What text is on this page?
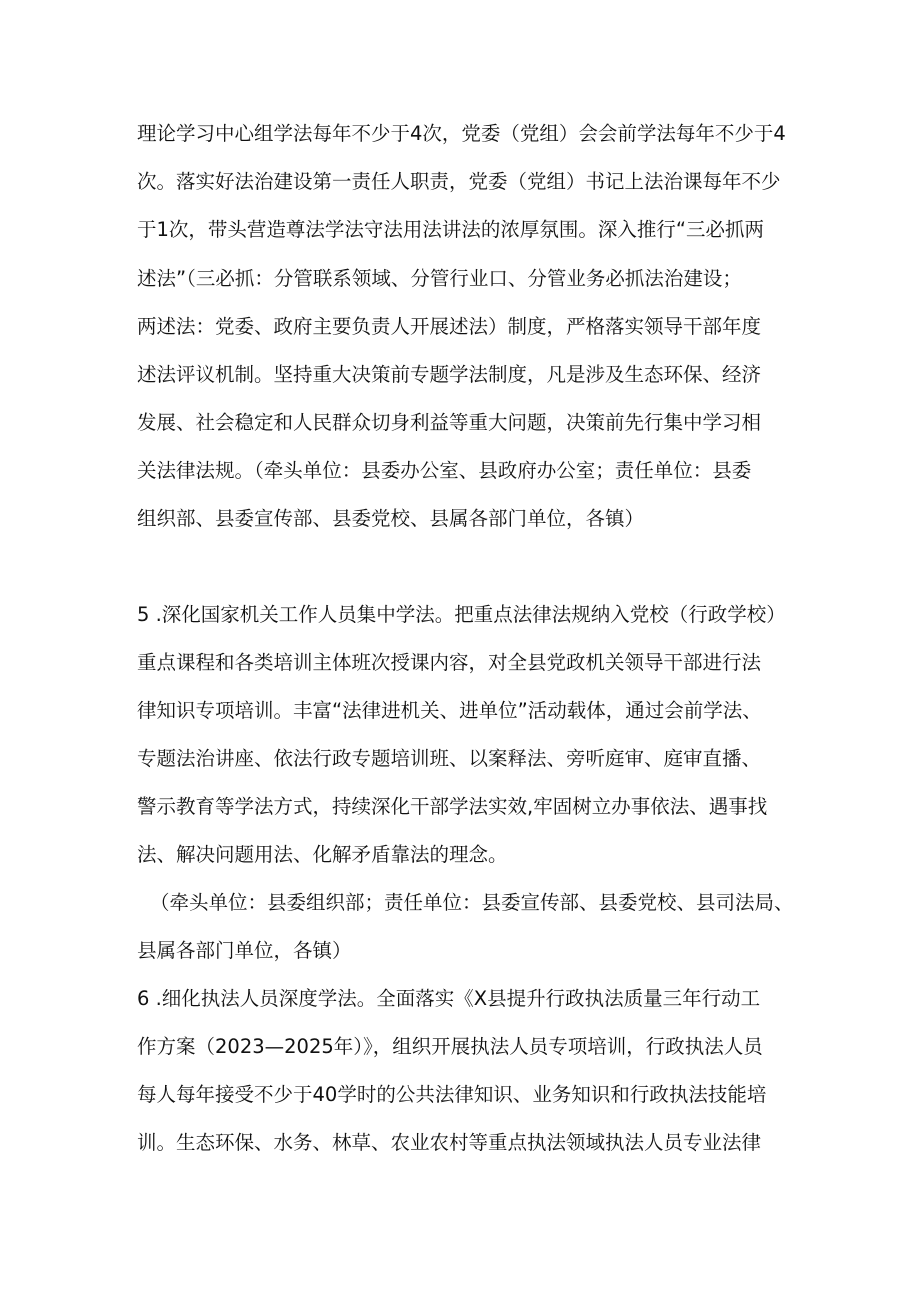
理论学习中心组学法每年不少于4次，党委（党组）会会前学法每年不少于4
次。落实好法治建设第一责任人职责，党委（党组）书记上法治课每年不少
于1次，带头营造尊法学法守法用法讲法的浓厚氛围。深入推行“三必抓两
述法”（三必抓：分管联系领域、分管行业口、分管业务必抓法治建设；
两述法：党委、政府主要负责人开展述法）制度，严格落实领导干部年度
述法评议机制。坚持重大决策前专题学法制度，凡是涉及生态环保、经济
发展、社会稳定和人民群众切身利益等重大问题，决策前先行集中学习相
关法律法规。（牵头单位：县委办公室、县政府办公室；责任单位：县委
组织部、县委宣传部、县委党校、县属各部门单位，各镇）
5 .深化国家机关工作人员集中学法。把重点法律法规纳入党校（行政学校）
重点课程和各类培训主体班次授课内容，对全县党政机关领导干部进行法
律知识专项培训。丰富“法律进机关、进单位”活动载体，通过会前学法、
专题法治讲座、依法行政专题培训班、以案释法、旁听庭审、庭审直播、
警示教育等学法方式，持续深化干部学法实效,牢固树立办事依法、遇事找
法、解决问题用法、化解矛盾靠法的理念。
（牵头单位：县委组织部；责任单位：县委宣传部、县委党校、县司法局、
县属各部门单位，各镇）
6 .细化执法人员深度学法。全面落实《X县提升行政执法质量三年行动工
作方案（2023—2025年）》，组织开展执法人员专项培训，行政执法人员
每人每年接受不少于40学时的公共法律知识、业务知识和行政执法技能培
训。生态环保、水务、林草、农业农村等重点执法领域执法人员专业法律
